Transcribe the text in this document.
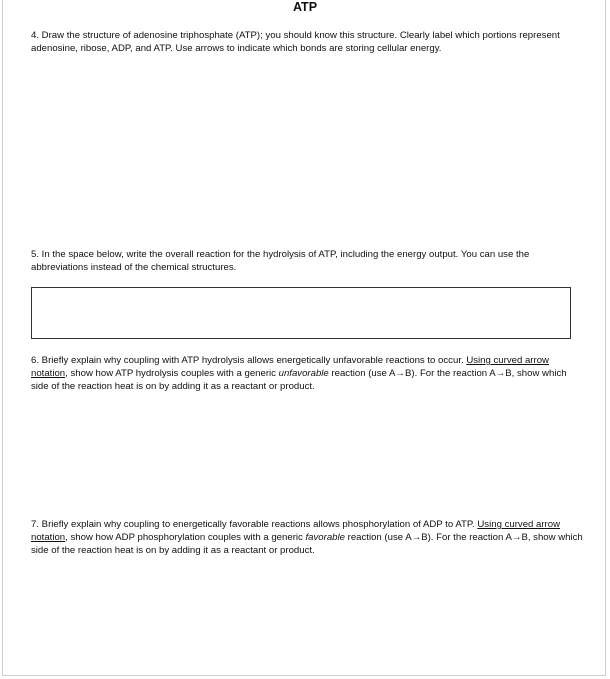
ATP
4. Draw the structure of adenosine triphosphate (ATP); you should know this structure. Clearly label which portions represent adenosine, ribose, ADP, and ATP. Use arrows to indicate which bonds are storing cellular energy.
5. In the space below, write the overall reaction for the hydrolysis of ATP, including the energy output. You can use the abbreviations instead of the chemical structures.
6. Briefly explain why coupling with ATP hydrolysis allows energetically unfavorable reactions to occur. Using curved arrow notation, show how ATP hydrolysis couples with a generic unfavorable reaction (use A→B). For the reaction A→B, show which side of the reaction heat is on by adding it as a reactant or product.
7. Briefly explain why coupling to energetically favorable reactions allows phosphorylation of ADP to ATP. Using curved arrow notation, show how ADP phosphorylation couples with a generic favorable reaction (use A→B). For the reaction A→B, show which side of the reaction heat is on by adding it as a reactant or product.
